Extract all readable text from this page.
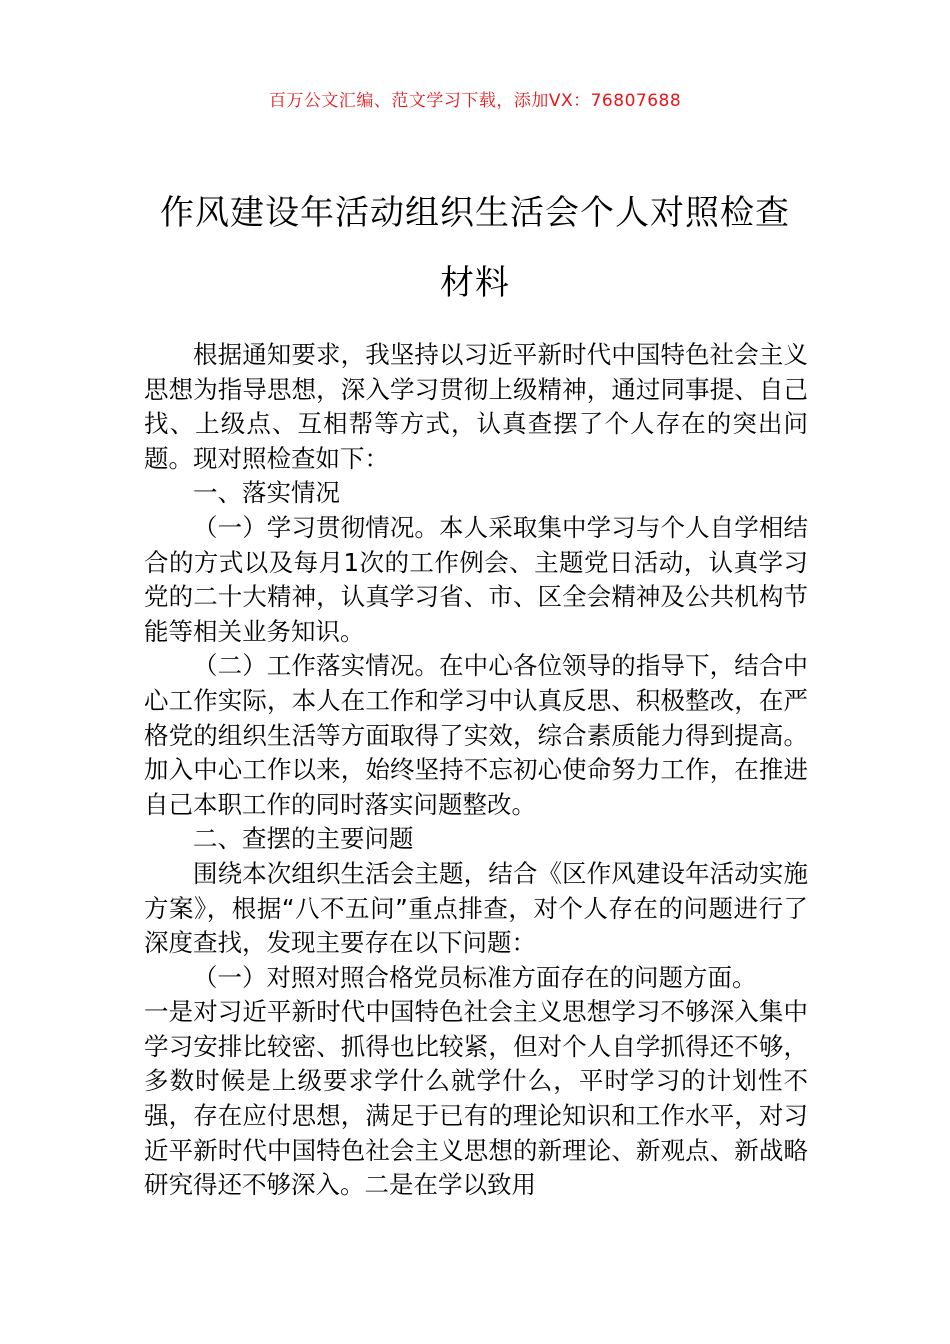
百万公文汇编、范文学习下载，添加VX：76807688
作风建设年活动组织生活会个人对照检查
材料

根据通知要求，我坚持以习近平新时代中国特色社会主义思想为指导思想，深入学习贯彻上级精神，通过同事提、自己找、上级点、互相帮等方式，认真查摆了个人存在的突出问题。现对照检查如下：

一、落实情况

（一）学习贯彻情况。本人采取集中学习与个人自学相结合的方式以及每月1次的工作例会、主题党日活动，认真学习党的二十大精神，认真学习省、市、区全会精神及公共机构节能等相关业务知识。

（二）工作落实情况。在中心各位领导的指导下，结合中心工作实际，本人在工作和学习中认真反思、积极整改，在严格党的组织生活等方面取得了实效，综合素质能力得到提高。加入中心工作以来，始终坚持不忘初心使命努力工作，在推进自己本职工作的同时落实问题整改。

二、查摆的主要问题

围绕本次组织生活会主题，结合《区作风建设年活动实施方案》，根据“八不五问”重点排查，对个人存在的问题进行了深度查找，发现主要存在以下问题：

（一）对照对照合格党员标准方面存在的问题方面。

一是对习近平新时代中国特色社会主义思想学习不够深入集中学习安排比较密、抓得也比较紧，但对个人自学抓得还不够，多数时候是上级要求学什么就学什么，平时学习的计划性不强，存在应付思想，满足于已有的理论知识和工作水平，对习近平新时代中国特色社会主义思想的新理论、新观点、新战略研究得还不够深入。二是在学以致用
